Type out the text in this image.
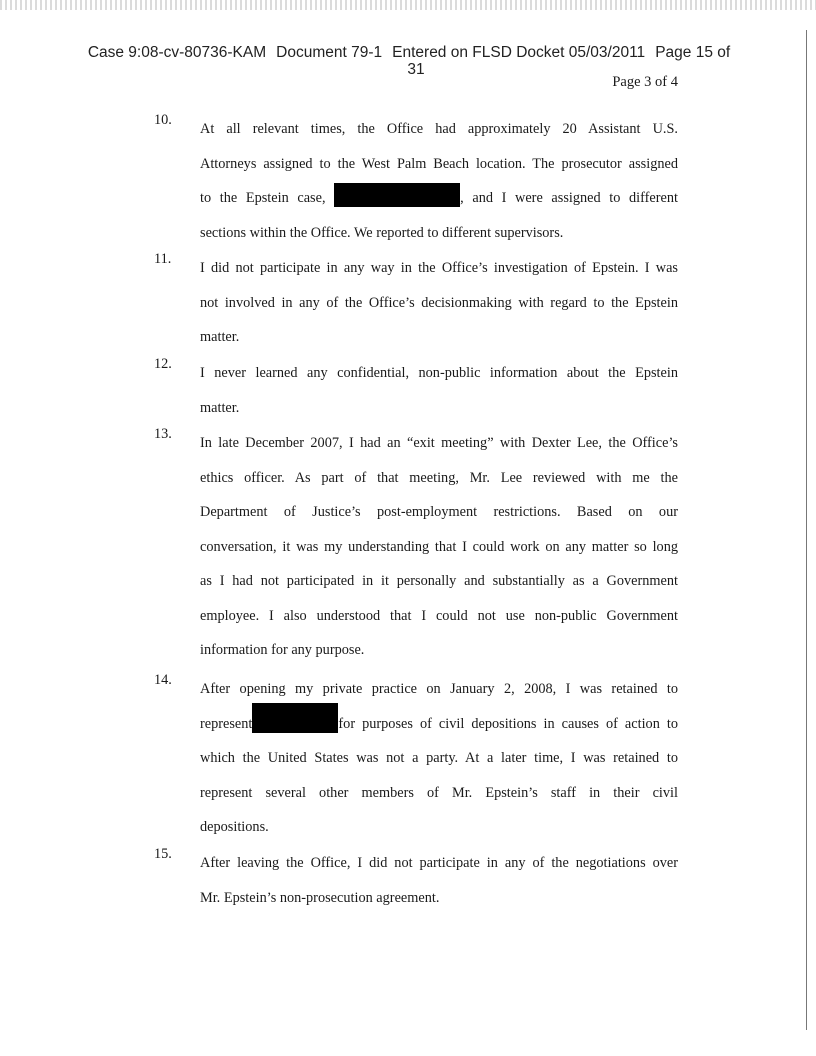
Case 9:08-cv-80736-KAM Document 79-1 Entered on FLSD Docket 05/03/2011 Page 15 of
31
Page 3 of 4
10.
At all relevant times, the Office had approximately 20 Assistant U.S.
Attorneys assigned to the West Palm Beach location. The prosecutor assigned
to the Epstein case,	, and I were assigned to different
sections within the Office. We reported to different supervisors.
11.
I did not participate in any way in the Office’s investigation of Epstein. I was
not involved in any of the Office’s decisionmaking with regard to the Epstein
matter.
12.
I never learned any confidential, non-public information about the Epstein
matter.
13.
In late December 2007, I had an “exit meeting” with Dexter Lee, the Office’s
ethics officer. As part of that meeting, Mr. Lee reviewed with me the
Department of Justice’s post-employment restrictions. Based on our
conversation, it was my understanding that I could work on any matter so long
as I had not participated in it personally and substantially as a Government
employee. I also understood that I could not use non-public Government
information for any purpose.
14.
After opening my private practice on January 2, 2008, I was retained to
represent	for purposes of civil depositions in causes of action to
which the United States was not a party. At a later time, I was retained to
represent several other members of Mr. Epstein’s staff in their civil
depositions.
15.
After leaving the Office, I did not participate in any of the negotiations over
Mr. Epstein’s non-prosecution agreement.
